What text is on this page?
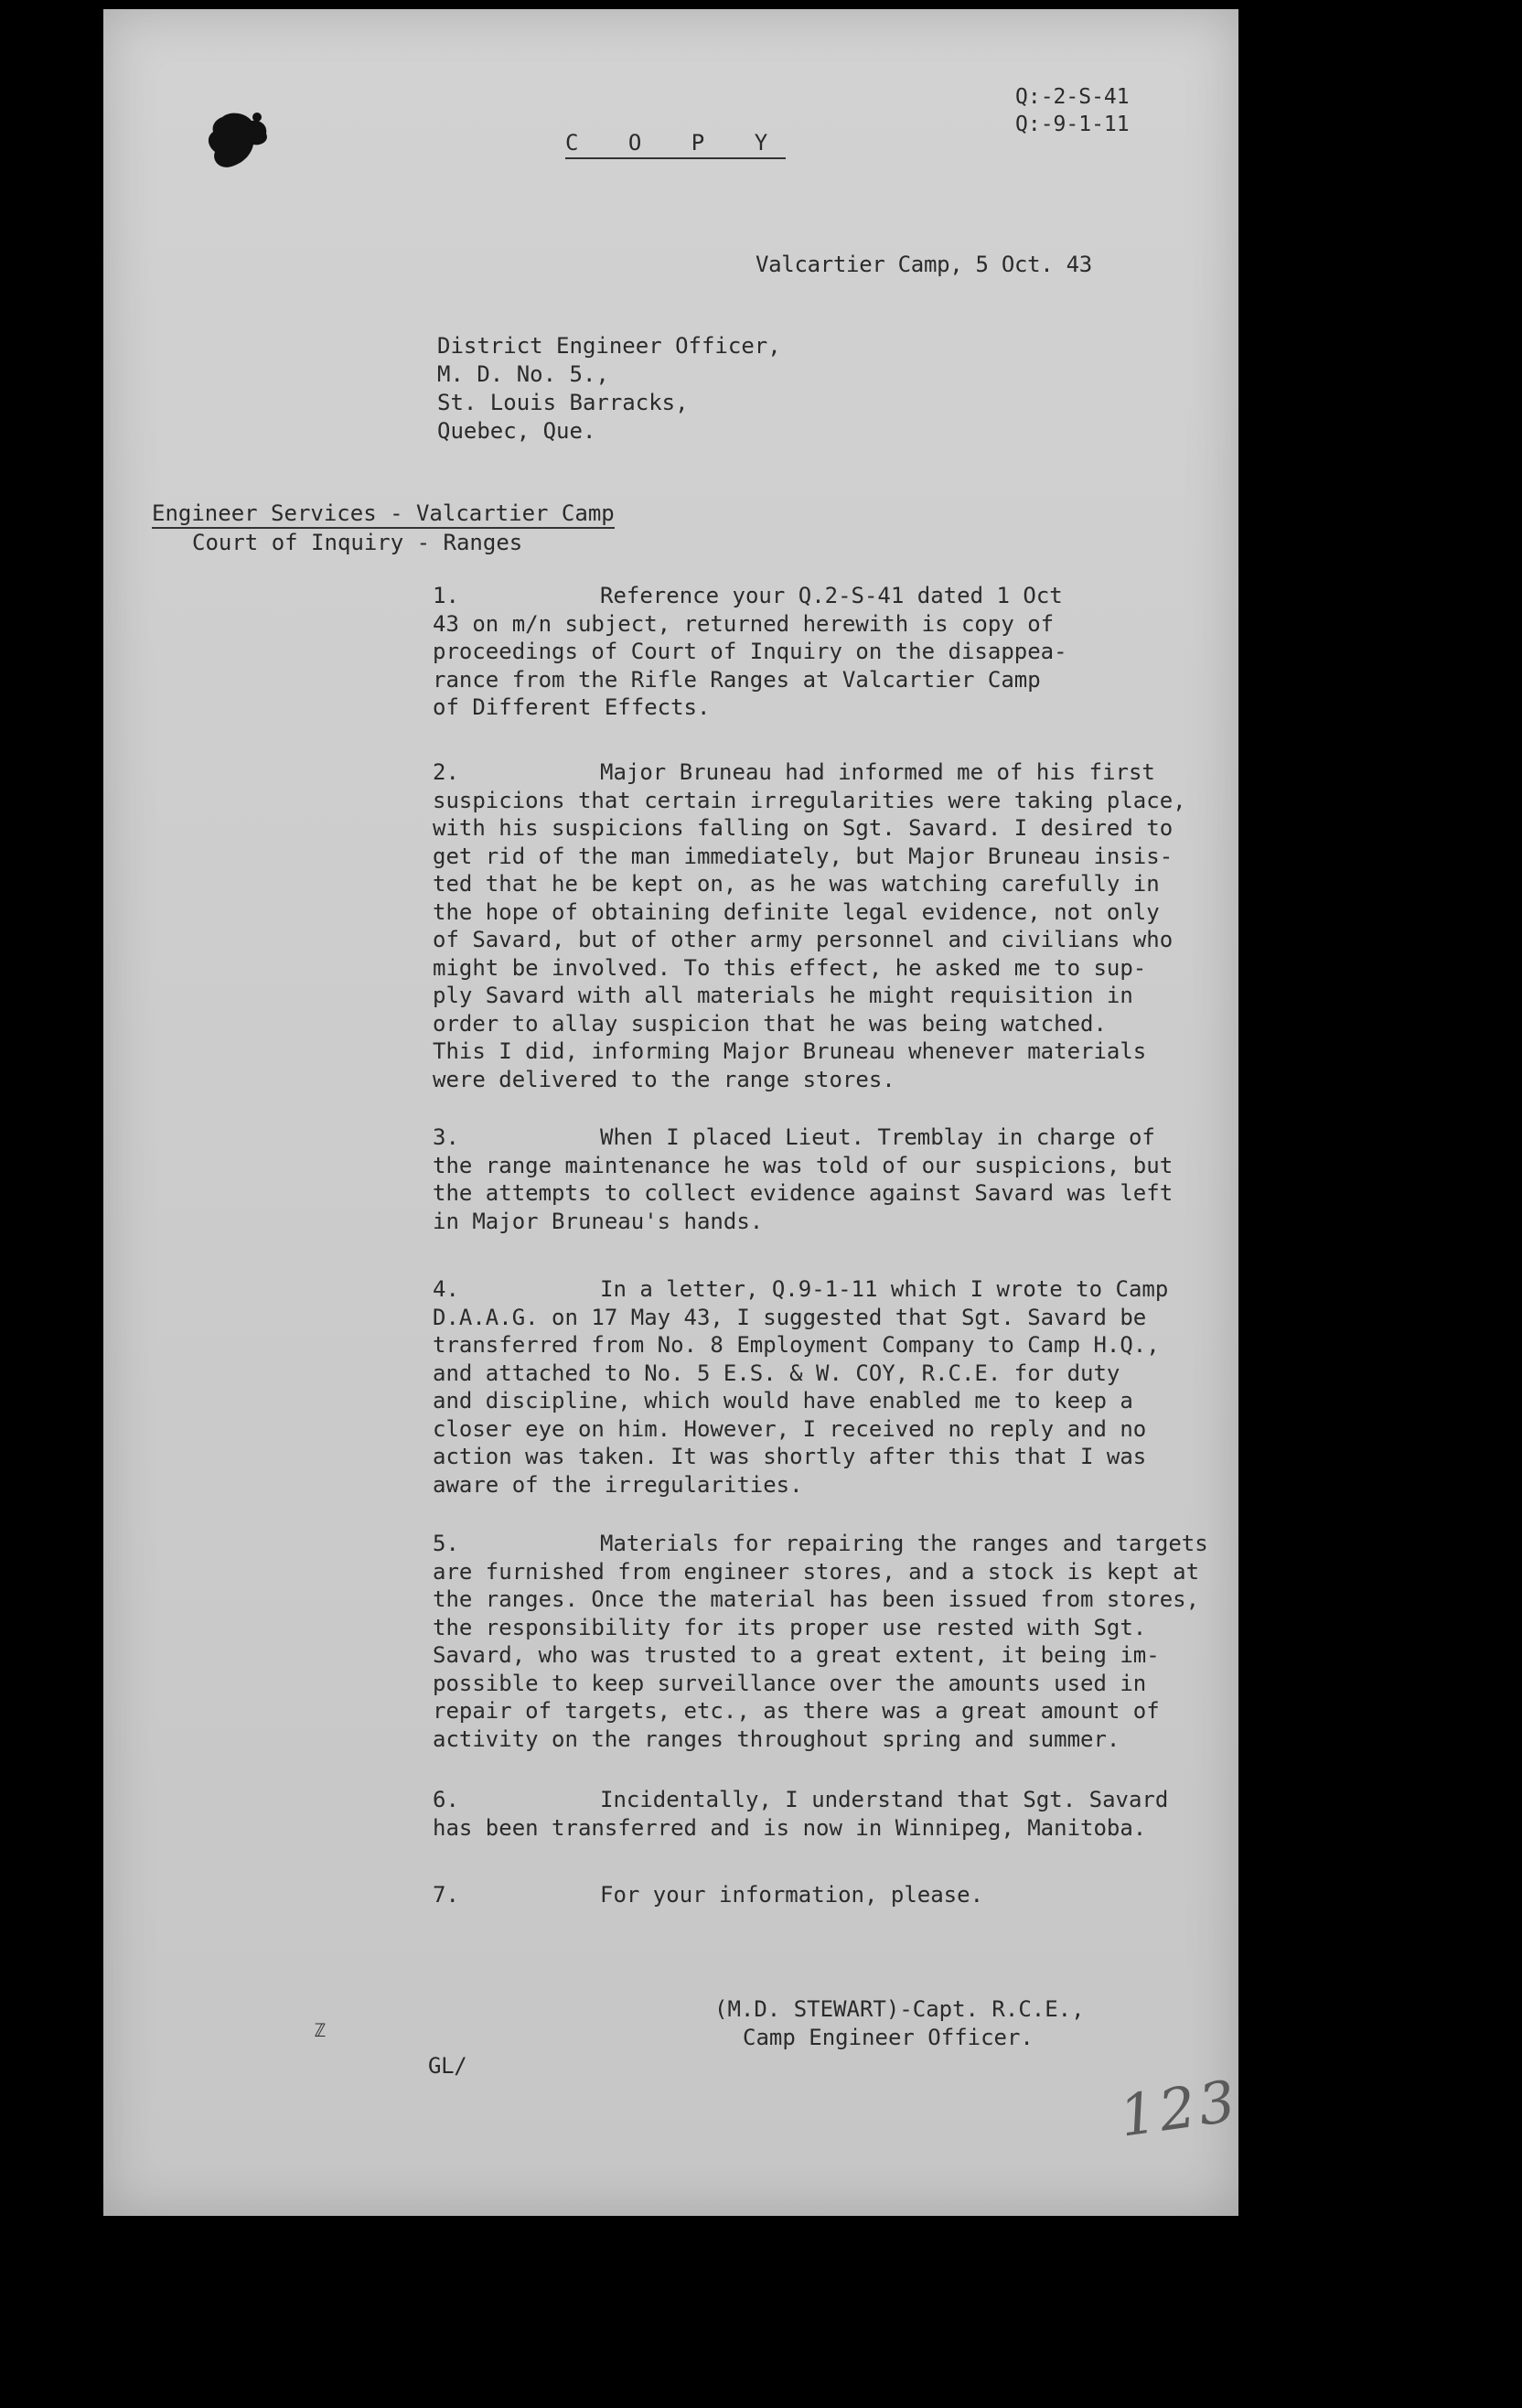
Q:-2-S-41
Q:-9-1-11
C O P Y
Valcartier Camp, 5 Oct. 43
District Engineer Officer,
M. D. No. 5.,
St. Louis Barracks,
Quebec, Que.
Engineer Services - Valcartier Camp
Court of Inquiry - Ranges
1.	Reference your Q.2-S-41 dated 1 Oct
43 on m/n subject, returned herewith is copy of
proceedings of Court of Inquiry on the disappea-
rance from the Rifle Ranges at Valcartier Camp
of Different Effects.
2.	Major Bruneau had informed me of his first
suspicions that certain irregularities were taking place,
with his suspicions falling on Sgt. Savard. I desired to
get rid of the man immediately, but Major Bruneau insis-
ted that he be kept on, as he was watching carefully in
the hope of obtaining definite legal evidence, not only
of Savard, but of other army personnel and civilians who
might be involved. To this effect, he asked me to sup-
ply Savard with all materials he might requisition in
order to allay suspicion that he was being watched.
This I did, informing Major Bruneau whenever materials
were delivered to the range stores.
3.	When I placed Lieut. Tremblay in charge of
the range maintenance he was told of our suspicions, but
the attempts to collect evidence against Savard was left
in Major Bruneau's hands.
4.	In a letter, Q.9-1-11 which I wrote to Camp
D.A.A.G. on 17 May 43, I suggested that Sgt. Savard be
transferred from No. 8 Employment Company to Camp H.Q.,
and attached to No. 5 E.S. & W. COY, R.C.E. for duty
and discipline, which would have enabled me to keep a
closer eye on him. However, I received no reply and no
action was taken. It was shortly after this that I was
aware of the irregularities.
5.	Materials for repairing the ranges and targets
are furnished from engineer stores, and a stock is kept at
the ranges. Once the material has been issued from stores,
the responsibility for its proper use rested with Sgt.
Savard, who was trusted to a great extent, it being im-
possible to keep surveillance over the amounts used in
repair of targets, etc., as there was a great amount of
activity on the ranges throughout spring and summer.
6.	Incidentally, I understand that Sgt. Savard
has been transferred and is now in Winnipeg, Manitoba.
7.	For your information, please.
(M.D. STEWART)-Capt. R.C.E.,
Camp Engineer Officer.
ℤ
GL/
123
